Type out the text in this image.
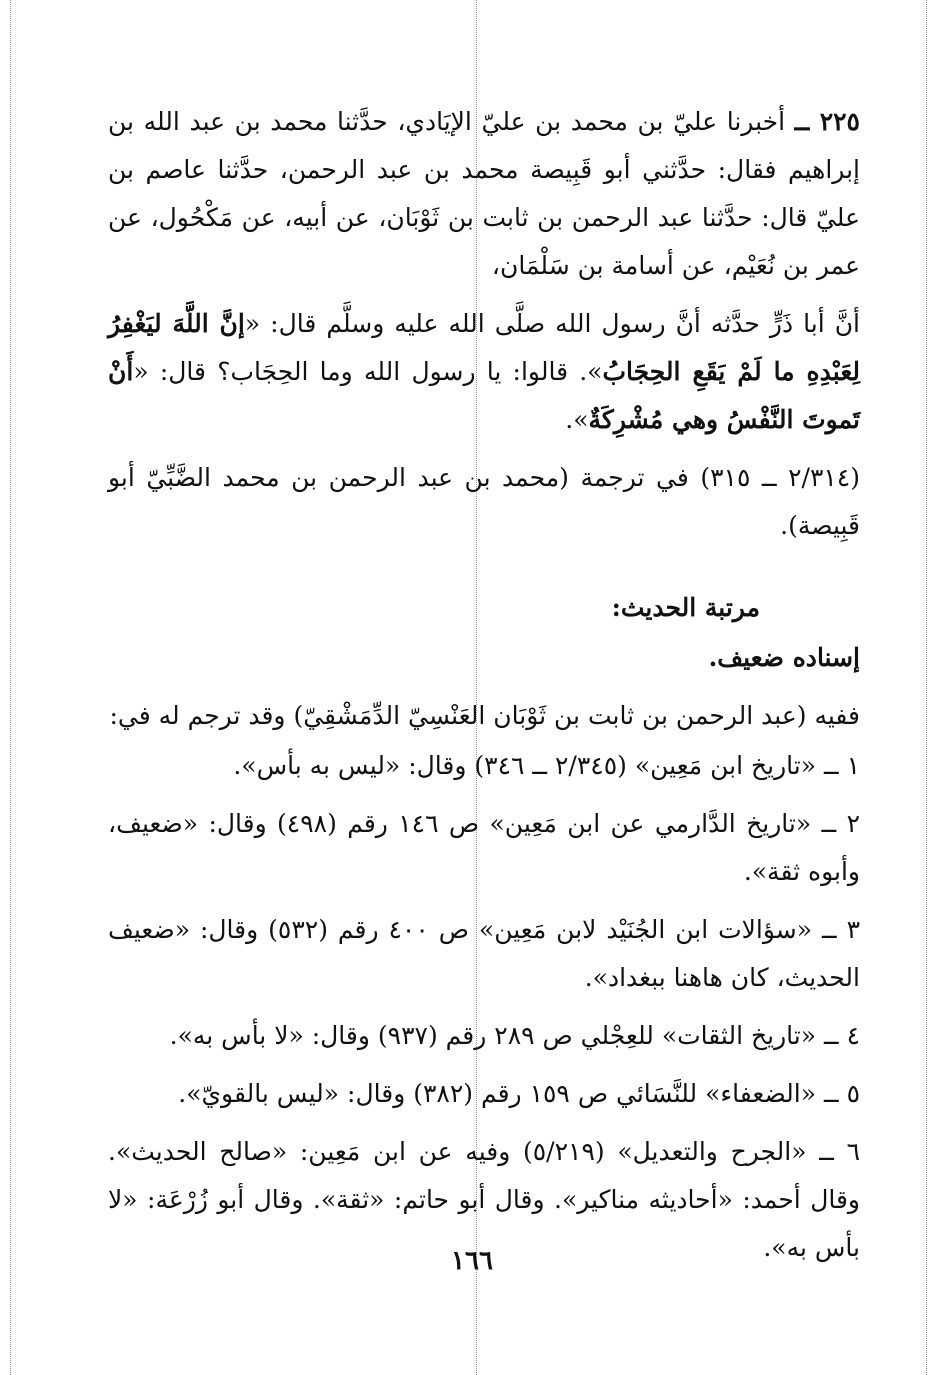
٢٢٥ ــ أخبرنا عليّ بن محمد بن عليّ الإيَادي، حدَّثنا محمد بن عبد الله بن إبراهيم فقال: حدَّثني أبو قَبِيصة محمد بن عبد الرحمن، حدَّثنا عاصم بن عليّ قال: حدَّثنا عبد الرحمن بن ثابت بن ثَوْبَان، عن أبيه، عن مَكْحُول، عن عمر بن نُعَيْم، عن أسامة بن سَلْمَان،

أنَّ أبا ذَرٍّ حدَّثه أنَّ رسول الله صلَّى الله عليه وسلَّم قال: «إنَّ اللَّهَ ليَغْفِرُ لِعَبْدِهِ ما لَمْ يَقَعِ الحِجَابُ». قالوا: يا رسول الله وما الحِجَاب؟ قال: «أَنْ تَموتَ النَّفْسُ وهي مُشْرِكَةٌ».

(٢/٣١٤ ــ ٣١٥) في ترجمة (محمد بن عبد الرحمن بن محمد الضَّبِّيّ أبو قَبِيصة).

مرتبة الحديث:

إسناده ضعيف.

ففيه (عبد الرحمن بن ثابت بن ثَوْبَان العَنْسِيّ الدِّمَشْقِيّ) وقد ترجم له في:

١ ــ «تاريخ ابن مَعِين» (٢/٣٤٥ ــ ٣٤٦) وقال: «ليس به بأس».

٢ ــ «تاريخ الدَّارمي عن ابن مَعِين» ص ١٤٦ رقم (٤٩٨) وقال: «ضعيف، وأبوه ثقة».

٣ ــ «سؤالات ابن الجُنَيْد لابن مَعِين» ص ٤٠٠ رقم (٥٣٢) وقال: «ضعيف الحديث، كان هاهنا ببغداد».

٤ ــ «تاريخ الثقات» للعِجْلي ص ٢٨٩ رقم (٩٣٧) وقال: «لا بأس به».

٥ ــ «الضعفاء» للنَّسَائي ص ١٥٩ رقم (٣٨٢) وقال: «ليس بالقويّ».

٦ ــ «الجرح والتعديل» (٥/٢١٩) وفيه عن ابن مَعِين: «صالح الحديث». وقال أحمد: «أحاديثه مناكير». وقال أبو حاتم: «ثقة». وقال أبو زُرْعَة: «لا بأس به».

١٦٦
